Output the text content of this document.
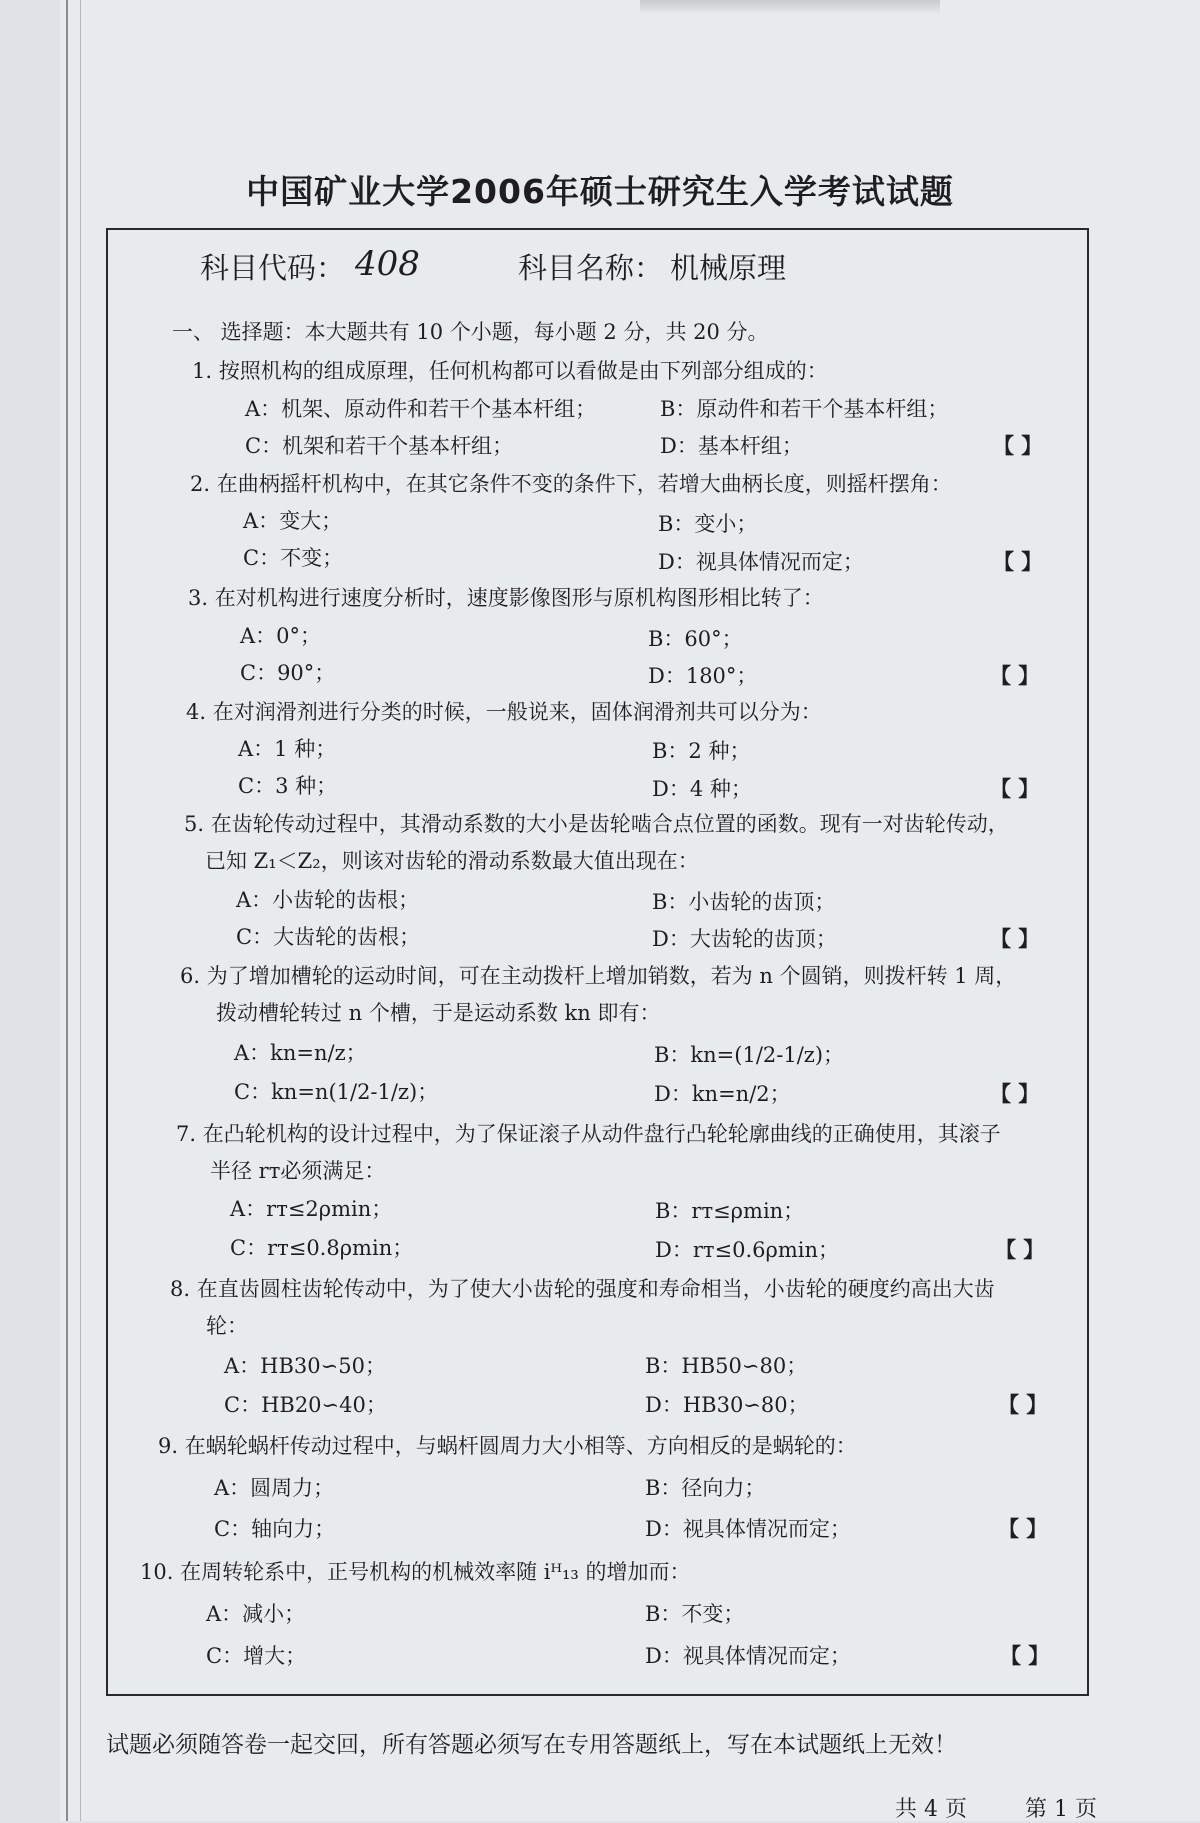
中国矿业大学2006年硕士研究生入学考试试题
科目代码： 408	科目名称： 机械原理
一、 选择题：本大题共有 10 个小题，每小题 2 分，共 20 分。
1. 按照机构的组成原理，任何机构都可以看做是由下列部分组成的：
A：机架、原动件和若干个基本杆组；	B：原动件和若干个基本杆组；
C：机架和若干个基本杆组；	D：基本杆组；	【 】
2. 在曲柄摇杆机构中，在其它条件不变的条件下，若增大曲柄长度，则摇杆摆角：
A：变大；	B：变小；
C：不变；	D：视具体情况而定；	【 】
3. 在对机构进行速度分析时，速度影像图形与原机构图形相比转了：
A：0°；	B：60°；
C：90°；	D：180°；	【 】
4. 在对润滑剂进行分类的时候，一般说来，固体润滑剂共可以分为：
A：1 种；	B：2 种；
C：3 种；	D：4 种；	【 】
5. 在齿轮传动过程中，其滑动系数的大小是齿轮啮合点位置的函数。现有一对齿轮传动，
已知 Z₁＜Z₂，则该对齿轮的滑动系数最大值出现在：
A：小齿轮的齿根；	B：小齿轮的齿顶；
C：大齿轮的齿根；	D：大齿轮的齿顶；	【 】
6. 为了增加槽轮的运动时间，可在主动拨杆上增加销数，若为 n 个圆销，则拨杆转 1 周，
拨动槽轮转过 n 个槽，于是运动系数 kn 即有：
A：kn=n/z；	B：kn=(1/2-1/z)；
C：kn=n(1/2-1/z)；	D：kn=n/2；	【 】
7. 在凸轮机构的设计过程中，为了保证滚子从动件盘行凸轮轮廓曲线的正确使用，其滚子
半径 rᴛ必须满足：
A：rᴛ≤2ρmin；	B：rᴛ≤ρmin；
C：rᴛ≤0.8ρmin；	D：rᴛ≤0.6ρmin；	【 】
8. 在直齿圆柱齿轮传动中，为了使大小齿轮的强度和寿命相当，小齿轮的硬度约高出大齿
轮：
A：HB30∽50；	B：HB50∽80；
C：HB20∽40；	D：HB30∽80；	【 】
9. 在蜗轮蜗杆传动过程中，与蜗杆圆周力大小相等、方向相反的是蜗轮的：
A：圆周力；	B：径向力；
C：轴向力；	D：视具体情况而定；	【 】
10. 在周转轮系中，正号机构的机械效率随 iᴴ₁₃ 的增加而：
A：减小；	B：不变；
C：增大；	D：视具体情况而定；	【 】
试题必须随答卷一起交回，所有答题必须写在专用答题纸上，写在本试题纸上无效！
共 4 页	第 1 页
